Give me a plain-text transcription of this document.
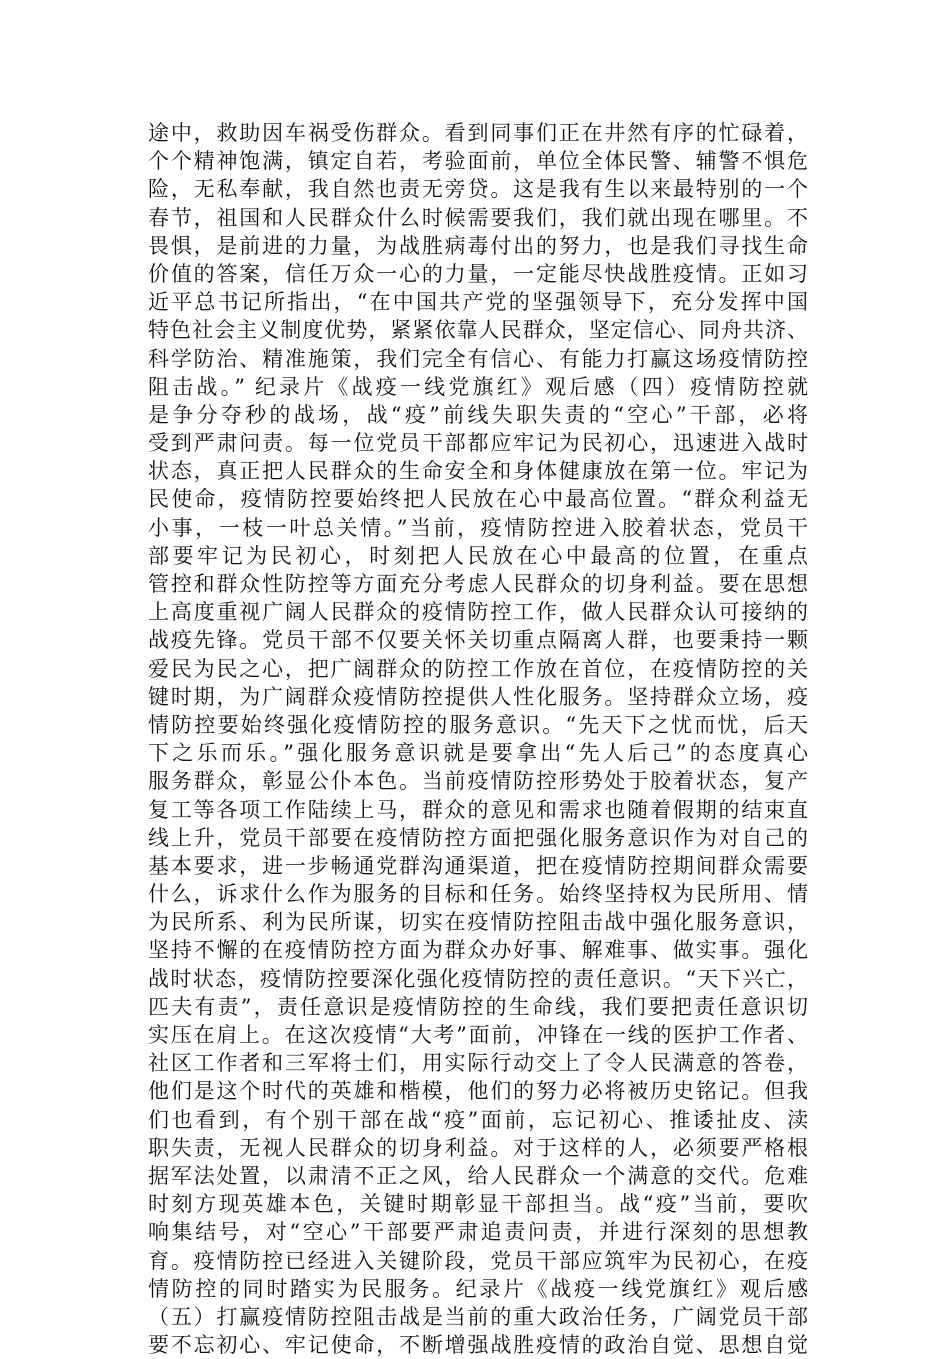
途中，救助因车祸受伤群众。看到同事们正在井然有序的忙碌着，
个个精神饱满，镇定自若，考验面前，单位全体民警、辅警不惧危
险，无私奉献，我自然也责无旁贷。这是我有生以来最特别的一个
春节，祖国和人民群众什么时候需要我们，我们就出现在哪里。不
畏惧，是前进的力量，为战胜病毒付出的努力，也是我们寻找生命
价值的答案，信任万众一心的力量，一定能尽快战胜疫情。正如习
近平总书记所指出，“在中国共产党的坚强领导下，充分发挥中国
特色社会主义制度优势，紧紧依靠人民群众，坚定信心、同舟共济、
科学防治、精准施策，我们完全有信心、有能力打赢这场疫情防控
阻击战。” 纪录片《战疫一线党旗红》观后感（四）疫情防控就
是争分夺秒的战场，战“疫”前线失职失责的“空心”干部，必将
受到严肃问责。每一位党员干部都应牢记为民初心，迅速进入战时
状态，真正把人民群众的生命安全和身体健康放在第一位。牢记为
民使命，疫情防控要始终把人民放在心中最高位置。“群众利益无
小事，一枝一叶总关情。”当前，疫情防控进入胶着状态，党员干
部要牢记为民初心，时刻把人民放在心中最高的位置，在重点
管控和群众性防控等方面充分考虑人民群众的切身利益。要在思想
上高度重视广阔人民群众的疫情防控工作，做人民群众认可接纳的
战疫先锋。党员干部不仅要关怀关切重点隔离人群，也要秉持一颗
爱民为民之心，把广阔群众的防控工作放在首位，在疫情防控的关
键时期，为广阔群众疫情防控提供人性化服务。坚持群众立场，疫
情防控要始终强化疫情防控的服务意识。“先天下之忧而忧，后天
下之乐而乐。”强化服务意识就是要拿出“先人后己”的态度真心
服务群众，彰显公仆本色。当前疫情防控形势处于胶着状态，复产
复工等各项工作陆续上马，群众的意见和需求也随着假期的结束直
线上升，党员干部要在疫情防控方面把强化服务意识作为对自己的
基本要求，进一步畅通党群沟通渠道，把在疫情防控期间群众需要
什么，诉求什么作为服务的目标和任务。始终坚持权为民所用、情
为民所系、利为民所谋，切实在疫情防控阻击战中强化服务意识，
坚持不懈的在疫情防控方面为群众办好事、解难事、做实事。强化
战时状态，疫情防控要深化强化疫情防控的责任意识。“天下兴亡，
匹夫有责”，责任意识是疫情防控的生命线，我们要把责任意识切
实压在肩上。在这次疫情“大考”面前，冲锋在一线的医护工作者、
社区工作者和三军将士们，用实际行动交上了令人民满意的答卷，
他们是这个时代的英雄和楷模，他们的努力必将被历史铭记。但我
们也看到，有个别干部在战“疫”面前，忘记初心、推诿扯皮、渎
职失责，无视人民群众的切身利益。对于这样的人，必须要严格根
据军法处置，以肃清不正之风，给人民群众一个满意的交代。危难
时刻方现英雄本色，关键时期彰显干部担当。战“疫”当前，要吹
响集结号，对“空心”干部要严肃追责问责，并进行深刻的思想教
育。疫情防控已经进入关键阶段，党员干部应筑牢为民初心，在疫
情防控的同时踏实为民服务。纪录片《战疫一线党旗红》观后感
（五）打赢疫情防控阻击战是当前的重大政治任务，广阔党员干部
要不忘初心、牢记使命，不断增强战胜疫情的政治自觉、思想自觉
